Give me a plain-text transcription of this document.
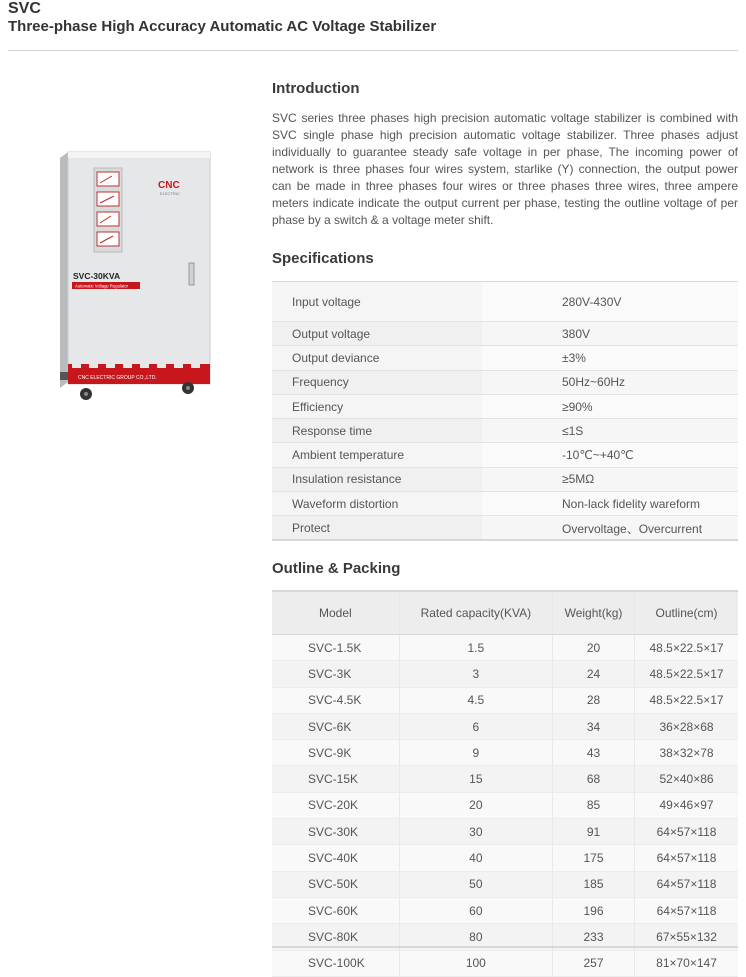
SVC
Three-phase High Accuracy Automatic AC Voltage Stabilizer
CNC
ELECTRIC
SVC-30KVA
Automatic Voltage Regulator
CNC ELECTRIC GROUP CO.,LTD.
Introduction

SVC series three phases high precision automatic voltage stabilizer is combined with SVC single phase high precision automatic voltage stabilizer. Three phases adjust individually to guarantee steady safe voltage in per phase, The incoming power of network is three phases four wires system, starlike (Y) connection, the output power can be made in three phases four wires or three phases three wires, three ampere meters indicate indicate the output current per phase, testing the outline voltage of per phase by a switch & a voltage meter shift.

Specifications
Input voltage	280V-430V
Output voltage	380V
Output deviance	±3%
Frequency	50Hz~60Hz
Efficiency	≥90%
Response time	≤1S
Ambient temperature	-10℃~+40℃
Insulation resistance	≥5MΩ
Waveform distortion	Non-lack fidelity wareform
Protect	Overvoltage、Overcurrent
Outline & Packing
Model	Rated capacity(KVA)	Weight(kg)	Outline(cm)
SVC-1.5K	1.5	20	48.5×22.5×17
SVC-3K	3	24	48.5×22.5×17
SVC-4.5K	4.5	28	48.5×22.5×17
SVC-6K	6	34	36×28×68
SVC-9K	9	43	38×32×78
SVC-15K	15	68	52×40×86
SVC-20K	20	85	49×46×97
SVC-30K	30	91	64×57×118
SVC-40K	40	175	64×57×118
SVC-50K	50	185	64×57×118
SVC-60K	60	196	64×57×118
SVC-80K	80	233	67×55×132
SVC-100K	100	257	81×70×147
